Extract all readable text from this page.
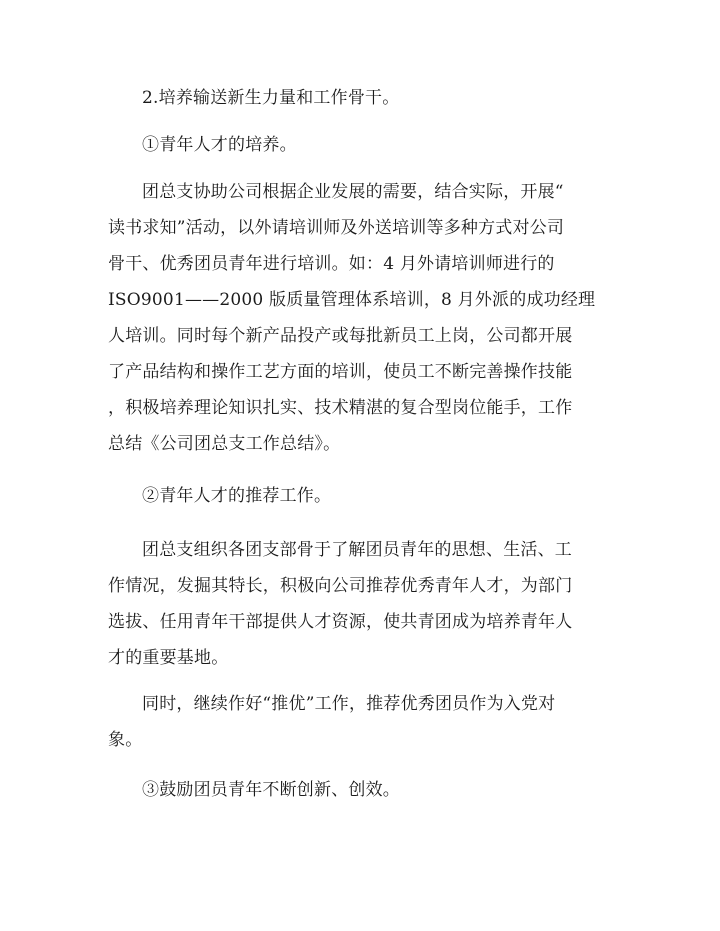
2.培养输送新生力量和工作骨干。
①青年人才的培养。
团总支协助公司根据企业发展的需要，结合实际，开展“
读书求知”活动，以外请培训师及外送培训等多种方式对公司
骨干、优秀团员青年进行培训。如：4 月外请培训师进行的
ISO9001——2000 版质量管理体系培训，8 月外派的成功经理
人培训。同时每个新产品投产或每批新员工上岗，公司都开展
了产品结构和操作工艺方面的培训，使员工不断完善操作技能
，积极培养理论知识扎实、技术精湛的复合型岗位能手，工作
总结《公司团总支工作总结》。
②青年人才的推荐工作。
团总支组织各团支部骨于了解团员青年的思想、生活、工
作情况，发掘其特长，积极向公司推荐优秀青年人才，为部门
选拔、任用青年干部提供人才资源，使共青团成为培养青年人
才的重要基地。
同时，继续作好“推优”工作，推荐优秀团员作为入党对
象。
③鼓励团员青年不断创新、创效。
